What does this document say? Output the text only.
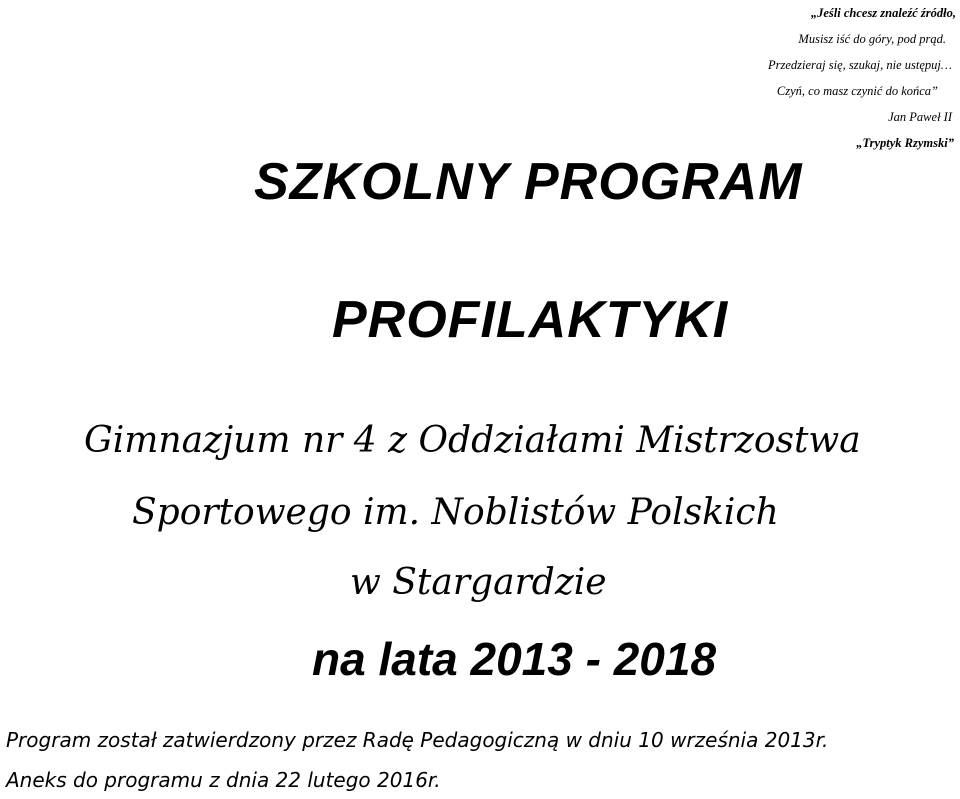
„Jeśli chcesz znaleźć źródło,
Musisz iść do góry, pod prąd.
Przedzieraj się, szukaj, nie ustępuj…
Czyń, co masz czynić do końca”
Jan Paweł II
„Tryptyk Rzymski”
SZKOLNY PROGRAM
PROFILAKTYKI
Gimnazjum nr 4 z Oddziałami Mistrzostwa
Sportowego im. Noblistów Polskich
w Stargardzie
na lata 2013 - 2018
Program został zatwierdzony przez Radę Pedagogiczną w dniu 10 września 2013r.
Aneks do programu z dnia 22 lutego 2016r.
